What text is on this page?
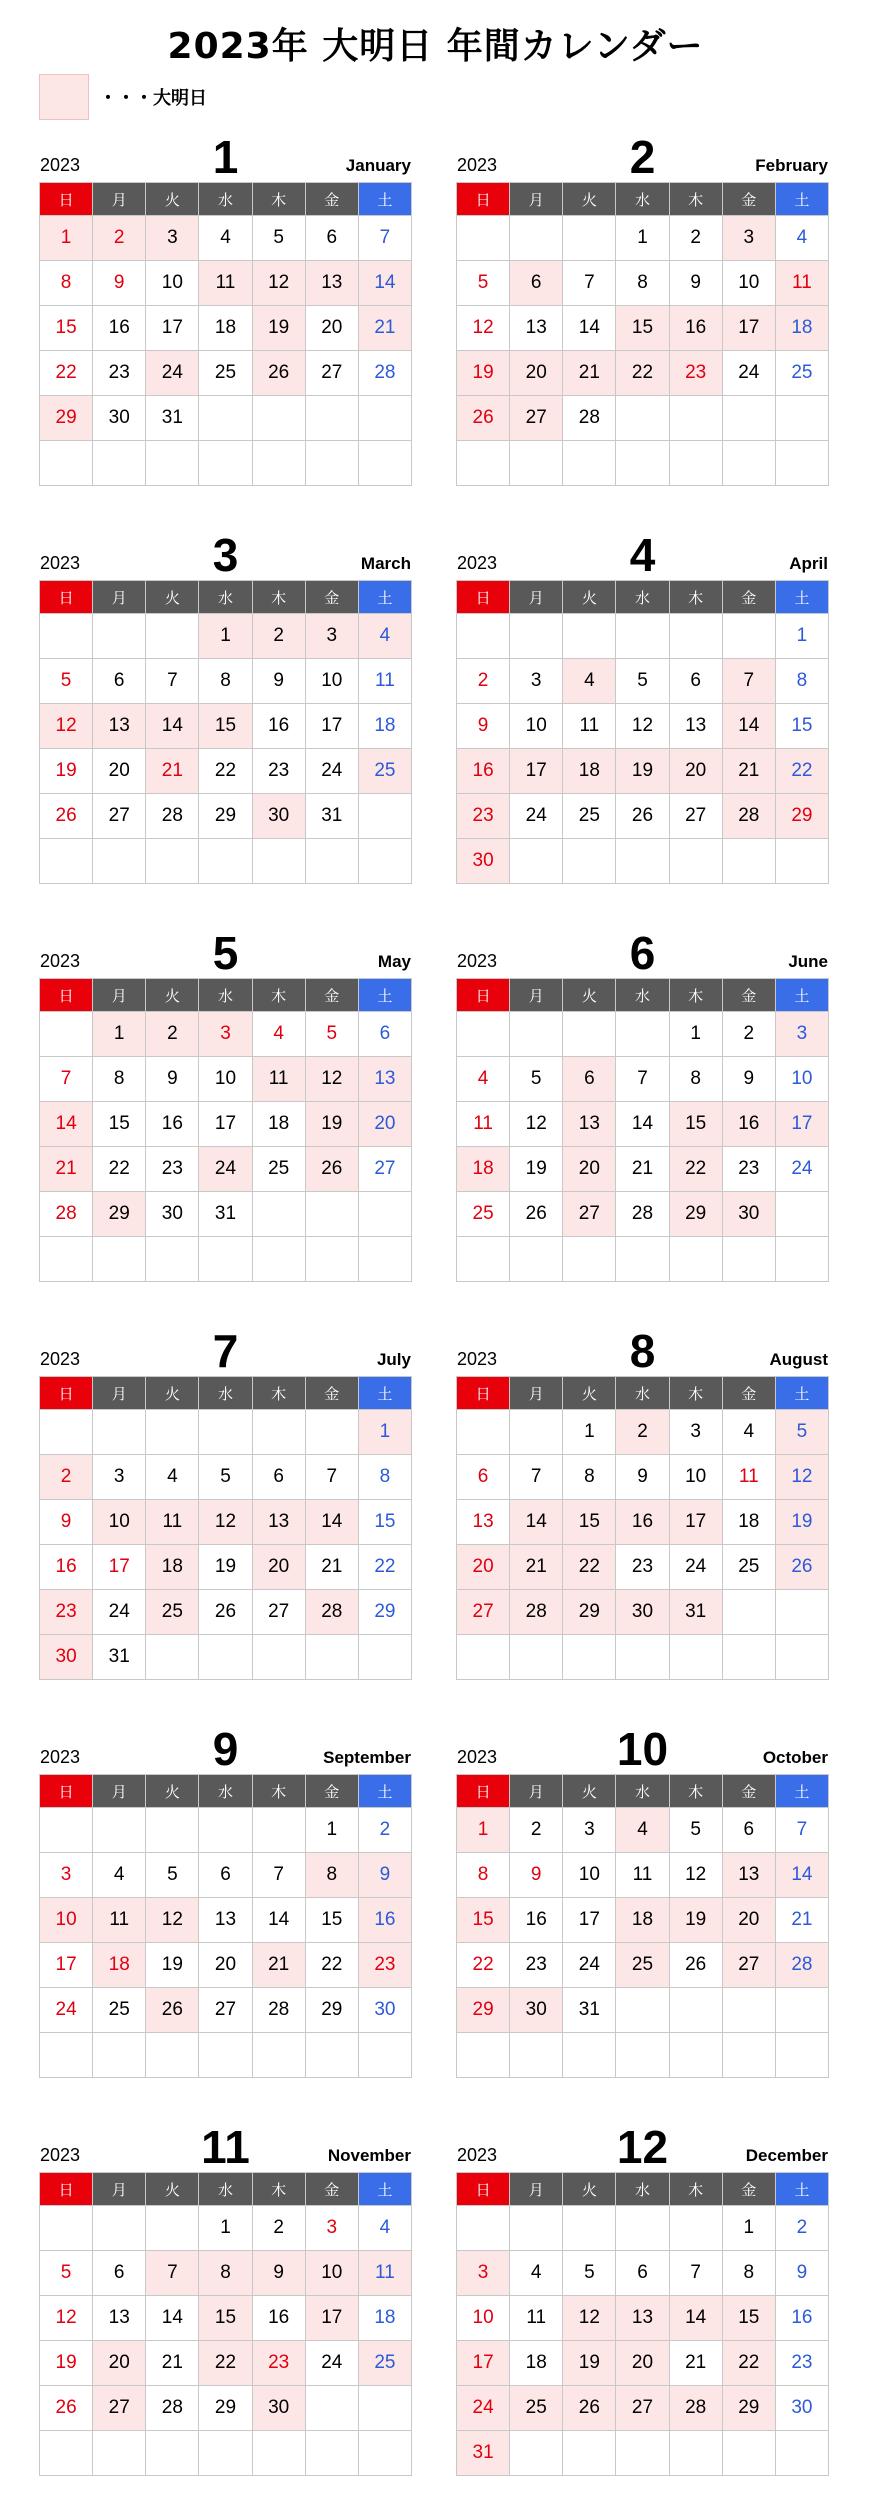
2023年 大明日 年間カレンダー
・・・大明日
2023	1	January
日	月	火	水	木	金	土
1	2	3	4	5	6	7
8	9	10	11	12	13	14
15	16	17	18	19	20	21
22	23	24	25	26	27	28
29	30	31				

2023	2	February
日	月	火	水	木	金	土
			1	2	3	4
5	6	7	8	9	10	11
12	13	14	15	16	17	18
19	20	21	22	23	24	25
26	27	28				

2023	3	March
日	月	火	水	木	金	土
			1	2	3	4
5	6	7	8	9	10	11
12	13	14	15	16	17	18
19	20	21	22	23	24	25
26	27	28	29	30	31	

2023	4	April
日	月	火	水	木	金	土
						1
2	3	4	5	6	7	8
9	10	11	12	13	14	15
16	17	18	19	20	21	22
23	24	25	26	27	28	29
30						
2023	5	May
日	月	火	水	木	金	土
	1	2	3	4	5	6
7	8	9	10	11	12	13
14	15	16	17	18	19	20
21	22	23	24	25	26	27
28	29	30	31			

2023	6	June
日	月	火	水	木	金	土
				1	2	3
4	5	6	7	8	9	10
11	12	13	14	15	16	17
18	19	20	21	22	23	24
25	26	27	28	29	30	

2023	7	July
日	月	火	水	木	金	土
						1
2	3	4	5	6	7	8
9	10	11	12	13	14	15
16	17	18	19	20	21	22
23	24	25	26	27	28	29
30	31					
2023	8	August
日	月	火	水	木	金	土
		1	2	3	4	5
6	7	8	9	10	11	12
13	14	15	16	17	18	19
20	21	22	23	24	25	26
27	28	29	30	31		

2023	9	September
日	月	火	水	木	金	土
					1	2
3	4	5	6	7	8	9
10	11	12	13	14	15	16
17	18	19	20	21	22	23
24	25	26	27	28	29	30

2023	10	October
日	月	火	水	木	金	土
1	2	3	4	5	6	7
8	9	10	11	12	13	14
15	16	17	18	19	20	21
22	23	24	25	26	27	28
29	30	31				

2023	11	November
日	月	火	水	木	金	土
			1	2	3	4
5	6	7	8	9	10	11
12	13	14	15	16	17	18
19	20	21	22	23	24	25
26	27	28	29	30		

2023	12	December
日	月	火	水	木	金	土
					1	2
3	4	5	6	7	8	9
10	11	12	13	14	15	16
17	18	19	20	21	22	23
24	25	26	27	28	29	30
31						
